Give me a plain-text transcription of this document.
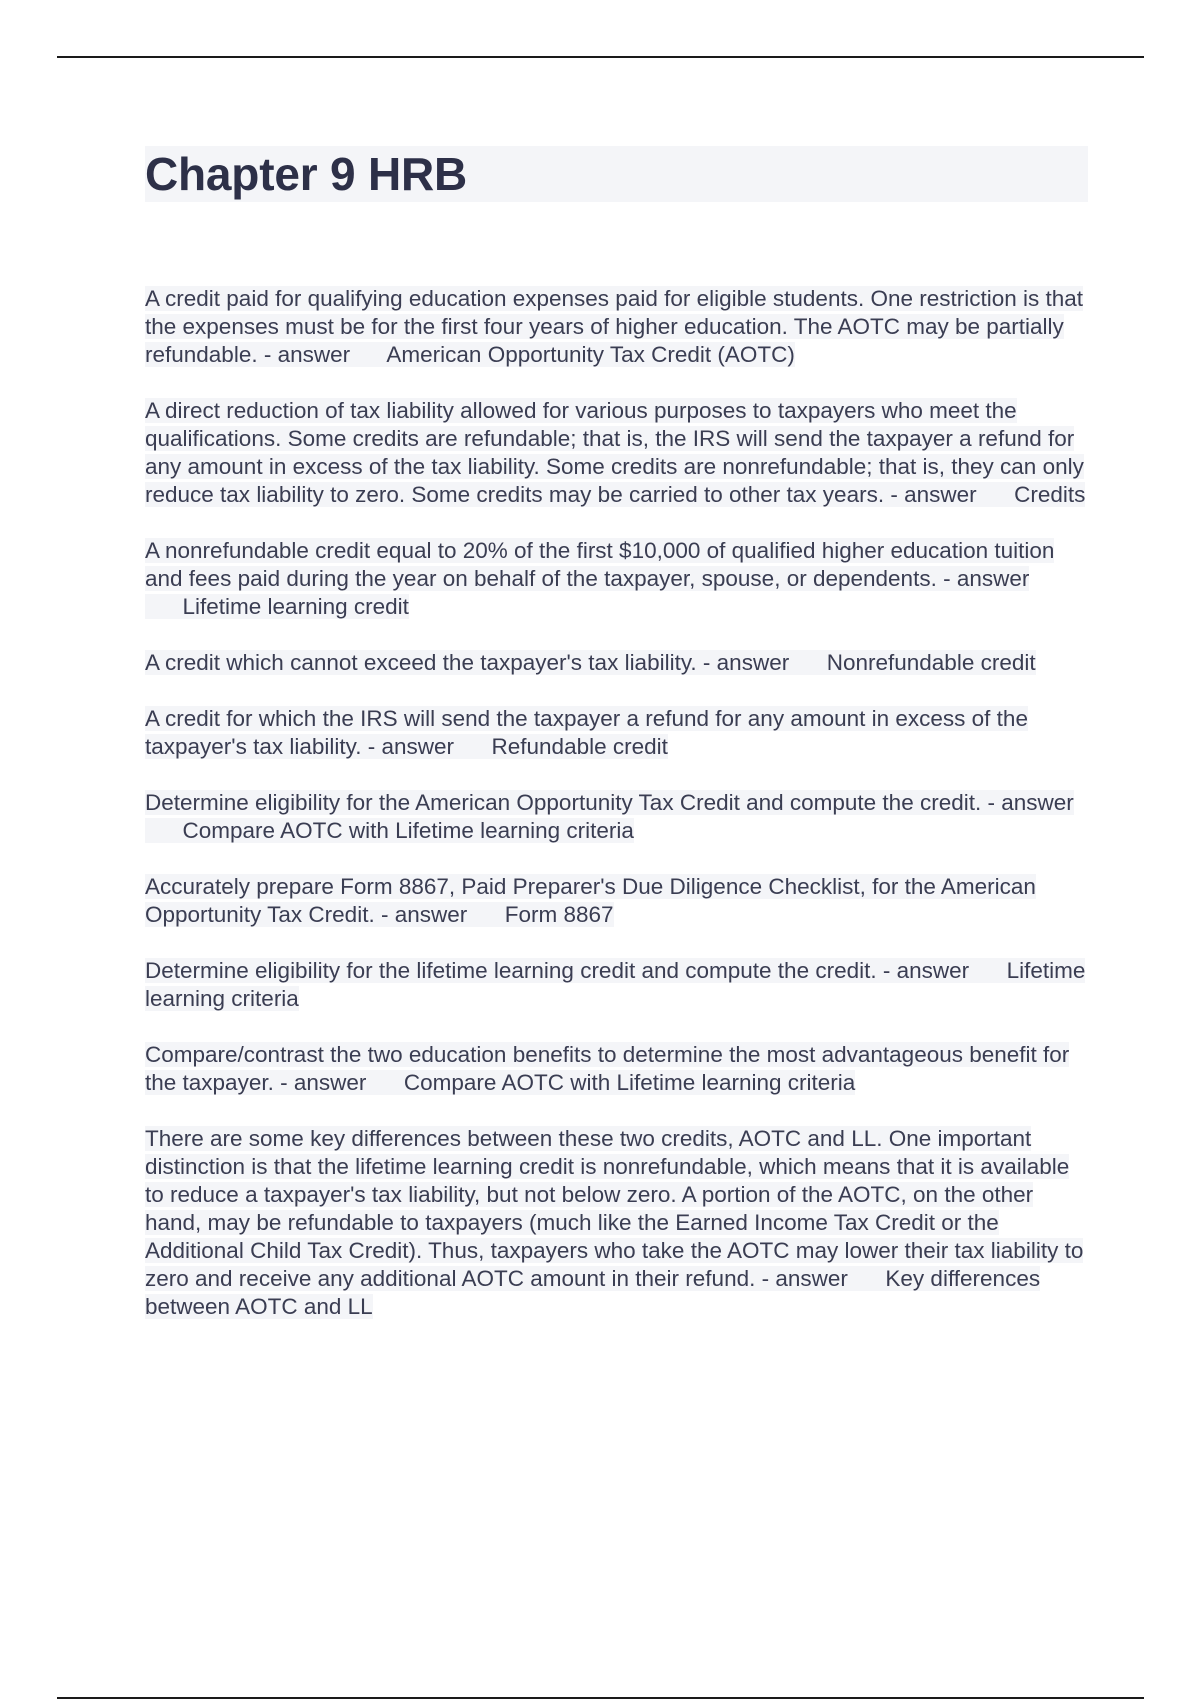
Chapter 9 HRB

A credit paid for qualifying education expenses paid for eligible students. One restriction is that the expenses must be for the first four years of higher education. The AOTC may be partially refundable. - answer American Opportunity Tax Credit (AOTC)

A direct reduction of tax liability allowed for various purposes to taxpayers who meet the qualifications. Some credits are refundable; that is, the IRS will send the taxpayer a refund for any amount in excess of the tax liability. Some credits are nonrefundable; that is, they can only reduce tax liability to zero. Some credits may be carried to other tax years. - answer Credits

A nonrefundable credit equal to 20% of the first $10,000 of qualified higher education tuition and fees paid during the year on behalf of the taxpayer, spouse, or dependents. - answer      Lifetime learning credit

A credit which cannot exceed the taxpayer's tax liability. - answer Nonrefundable credit

A credit for which the IRS will send the taxpayer a refund for any amount in excess of the taxpayer's tax liability. - answer Refundable credit

Determine eligibility for the American Opportunity Tax Credit and compute the credit. - answer      Compare AOTC with Lifetime learning criteria

Accurately prepare Form 8867, Paid Preparer's Due Diligence Checklist, for the American Opportunity Tax Credit. - answer Form 8867

Determine eligibility for the lifetime learning credit and compute the credit. - answer Lifetime learning criteria

Compare/contrast the two education benefits to determine the most advantageous benefit for the taxpayer. - answer Compare AOTC with Lifetime learning criteria

There are some key differences between these two credits, AOTC and LL. One important distinction is that the lifetime learning credit is nonrefundable, which means that it is available to reduce a taxpayer's tax liability, but not below zero. A portion of the AOTC, on the other hand, may be refundable to taxpayers (much like the Earned Income Tax Credit or the Additional Child Tax Credit). Thus, taxpayers who take the AOTC may lower their tax liability to zero and receive any additional AOTC amount in their refund. - answer Key differences between AOTC and LL
